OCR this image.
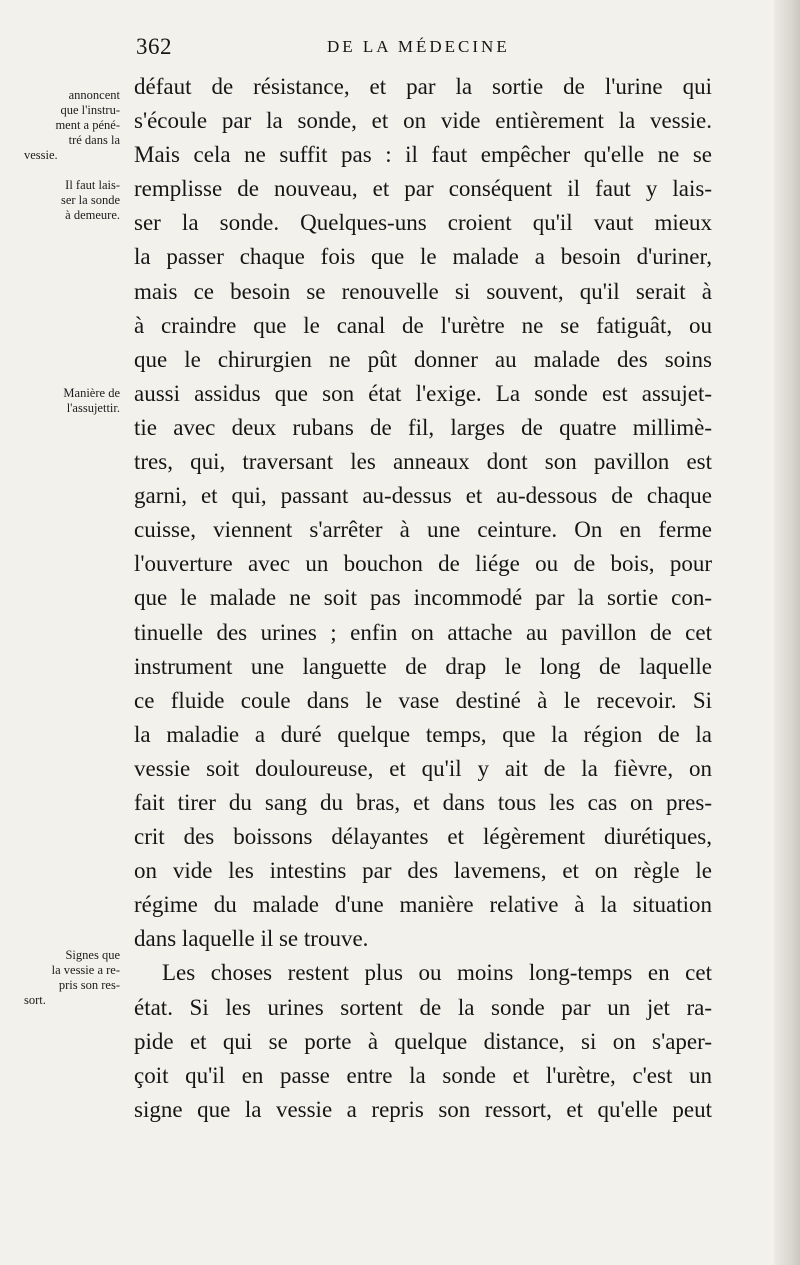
362	DE LA MÉDECINE
annoncent
que l'instru-
ment a péné-
tré dans la
vessie.
Il faut lais-
ser la sonde
à demeure.
Manière de
l'assujettir.
Signes que
la vessie a re-
pris son res-
sort.
défaut de résistance, et par la sortie de l'urine qui
s'écoule par la sonde, et on vide entièrement la vessie.
Mais cela ne suffit pas : il faut empêcher qu'elle ne se
remplisse de nouveau, et par conséquent il faut y lais-
ser la sonde. Quelques-uns croient qu'il vaut mieux
la passer chaque fois que le malade a besoin d'uriner,
mais ce besoin se renouvelle si souvent, qu'il serait à
à craindre que le canal de l'urètre ne se fatiguât, ou
que le chirurgien ne pût donner au malade des soins
aussi assidus que son état l'exige. La sonde est assujet-
tie avec deux rubans de fil, larges de quatre millimè-
tres, qui, traversant les anneaux dont son pavillon est
garni, et qui, passant au-dessus et au-dessous de chaque
cuisse, viennent s'arrêter à une ceinture. On en ferme
l'ouverture avec un bouchon de liége ou de bois, pour
que le malade ne soit pas incommodé par la sortie con-
tinuelle des urines ; enfin on attache au pavillon de cet
instrument une languette de drap le long de laquelle
ce fluide coule dans le vase destiné à le recevoir. Si
la maladie a duré quelque temps, que la région de la
vessie soit douloureuse, et qu'il y ait de la fièvre, on
fait tirer du sang du bras, et dans tous les cas on pres-
crit des boissons délayantes et légèrement diurétiques,
on vide les intestins par des lavemens, et on règle le
régime du malade d'une manière relative à la situation
dans laquelle il se trouve.
Les choses restent plus ou moins long-temps en cet
état. Si les urines sortent de la sonde par un jet ra-
pide et qui se porte à quelque distance, si on s'aper-
çoit qu'il en passe entre la sonde et l'urètre, c'est un
signe que la vessie a repris son ressort, et qu'elle peut
